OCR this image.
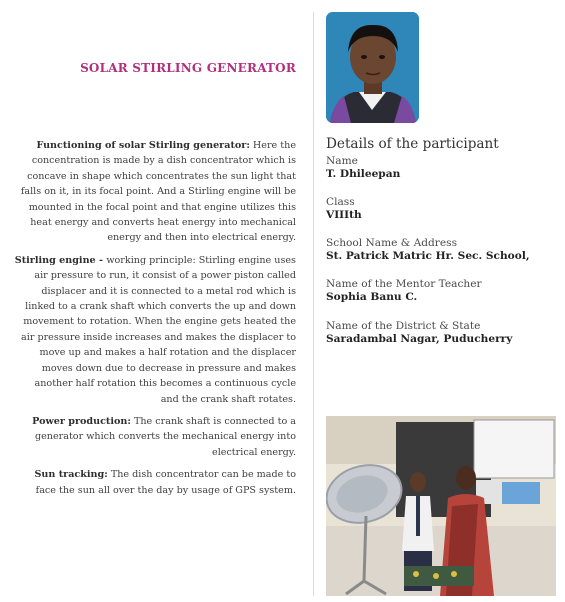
SOLAR STIRLING GENERATOR

Functioning of solar Stirling generator: Here the concentration is made by a dish concentrator which is concave in shape which concentrates the sun light that falls on it, in its focal point. And a Stirling engine will be mounted in the focal point and that engine utilizes this heat energy and converts heat energy into mechanical energy and then into electrical energy.

Stirling engine - working principle: Stirling engine uses air pressure to run, it consist of a power piston called displacer and it is connected to a metal rod which is linked to a crank shaft which converts the up and down movement to rotation. When the engine gets heated the air pressure inside increases and makes the displacer to move up and makes a half rotation and the displacer moves down due to decrease in pressure and makes another half rotation this becomes a continuous cycle and the crank shaft rotates.

Power production: The crank shaft is connected to a generator which converts the mechanical energy into electrical energy.

Sun tracking: The dish concentrator can be made to face the sun all over the day by usage of GPS system.

Details of the participant
Name
T. Dhileepan
Class
VIIIth
School Name & Address
St. Patrick Matric Hr. Sec. School,
Name of the Mentor Teacher
Sophia Banu C.
Name of the District & State
Saradambal Nagar, Puducherry
